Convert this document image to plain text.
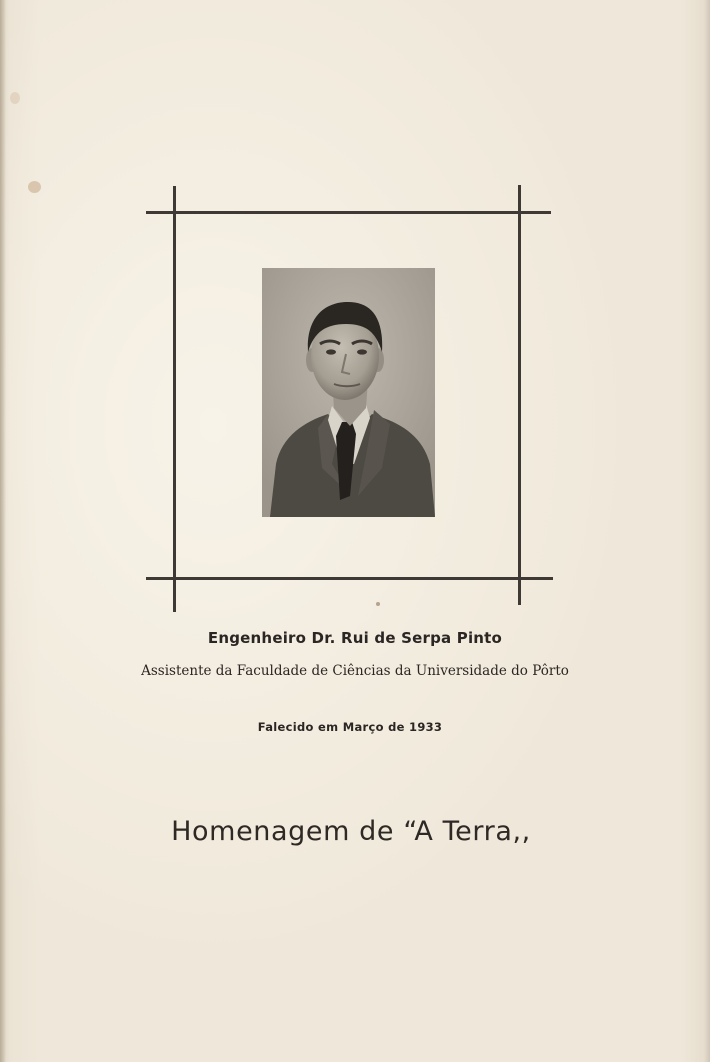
Engenheiro Dr. Rui de Serpa Pinto
Assistente da Faculdade de Ciências da Universidade do Pôrto
Falecido em Março de 1933
Homenagem de “A Terra,,
